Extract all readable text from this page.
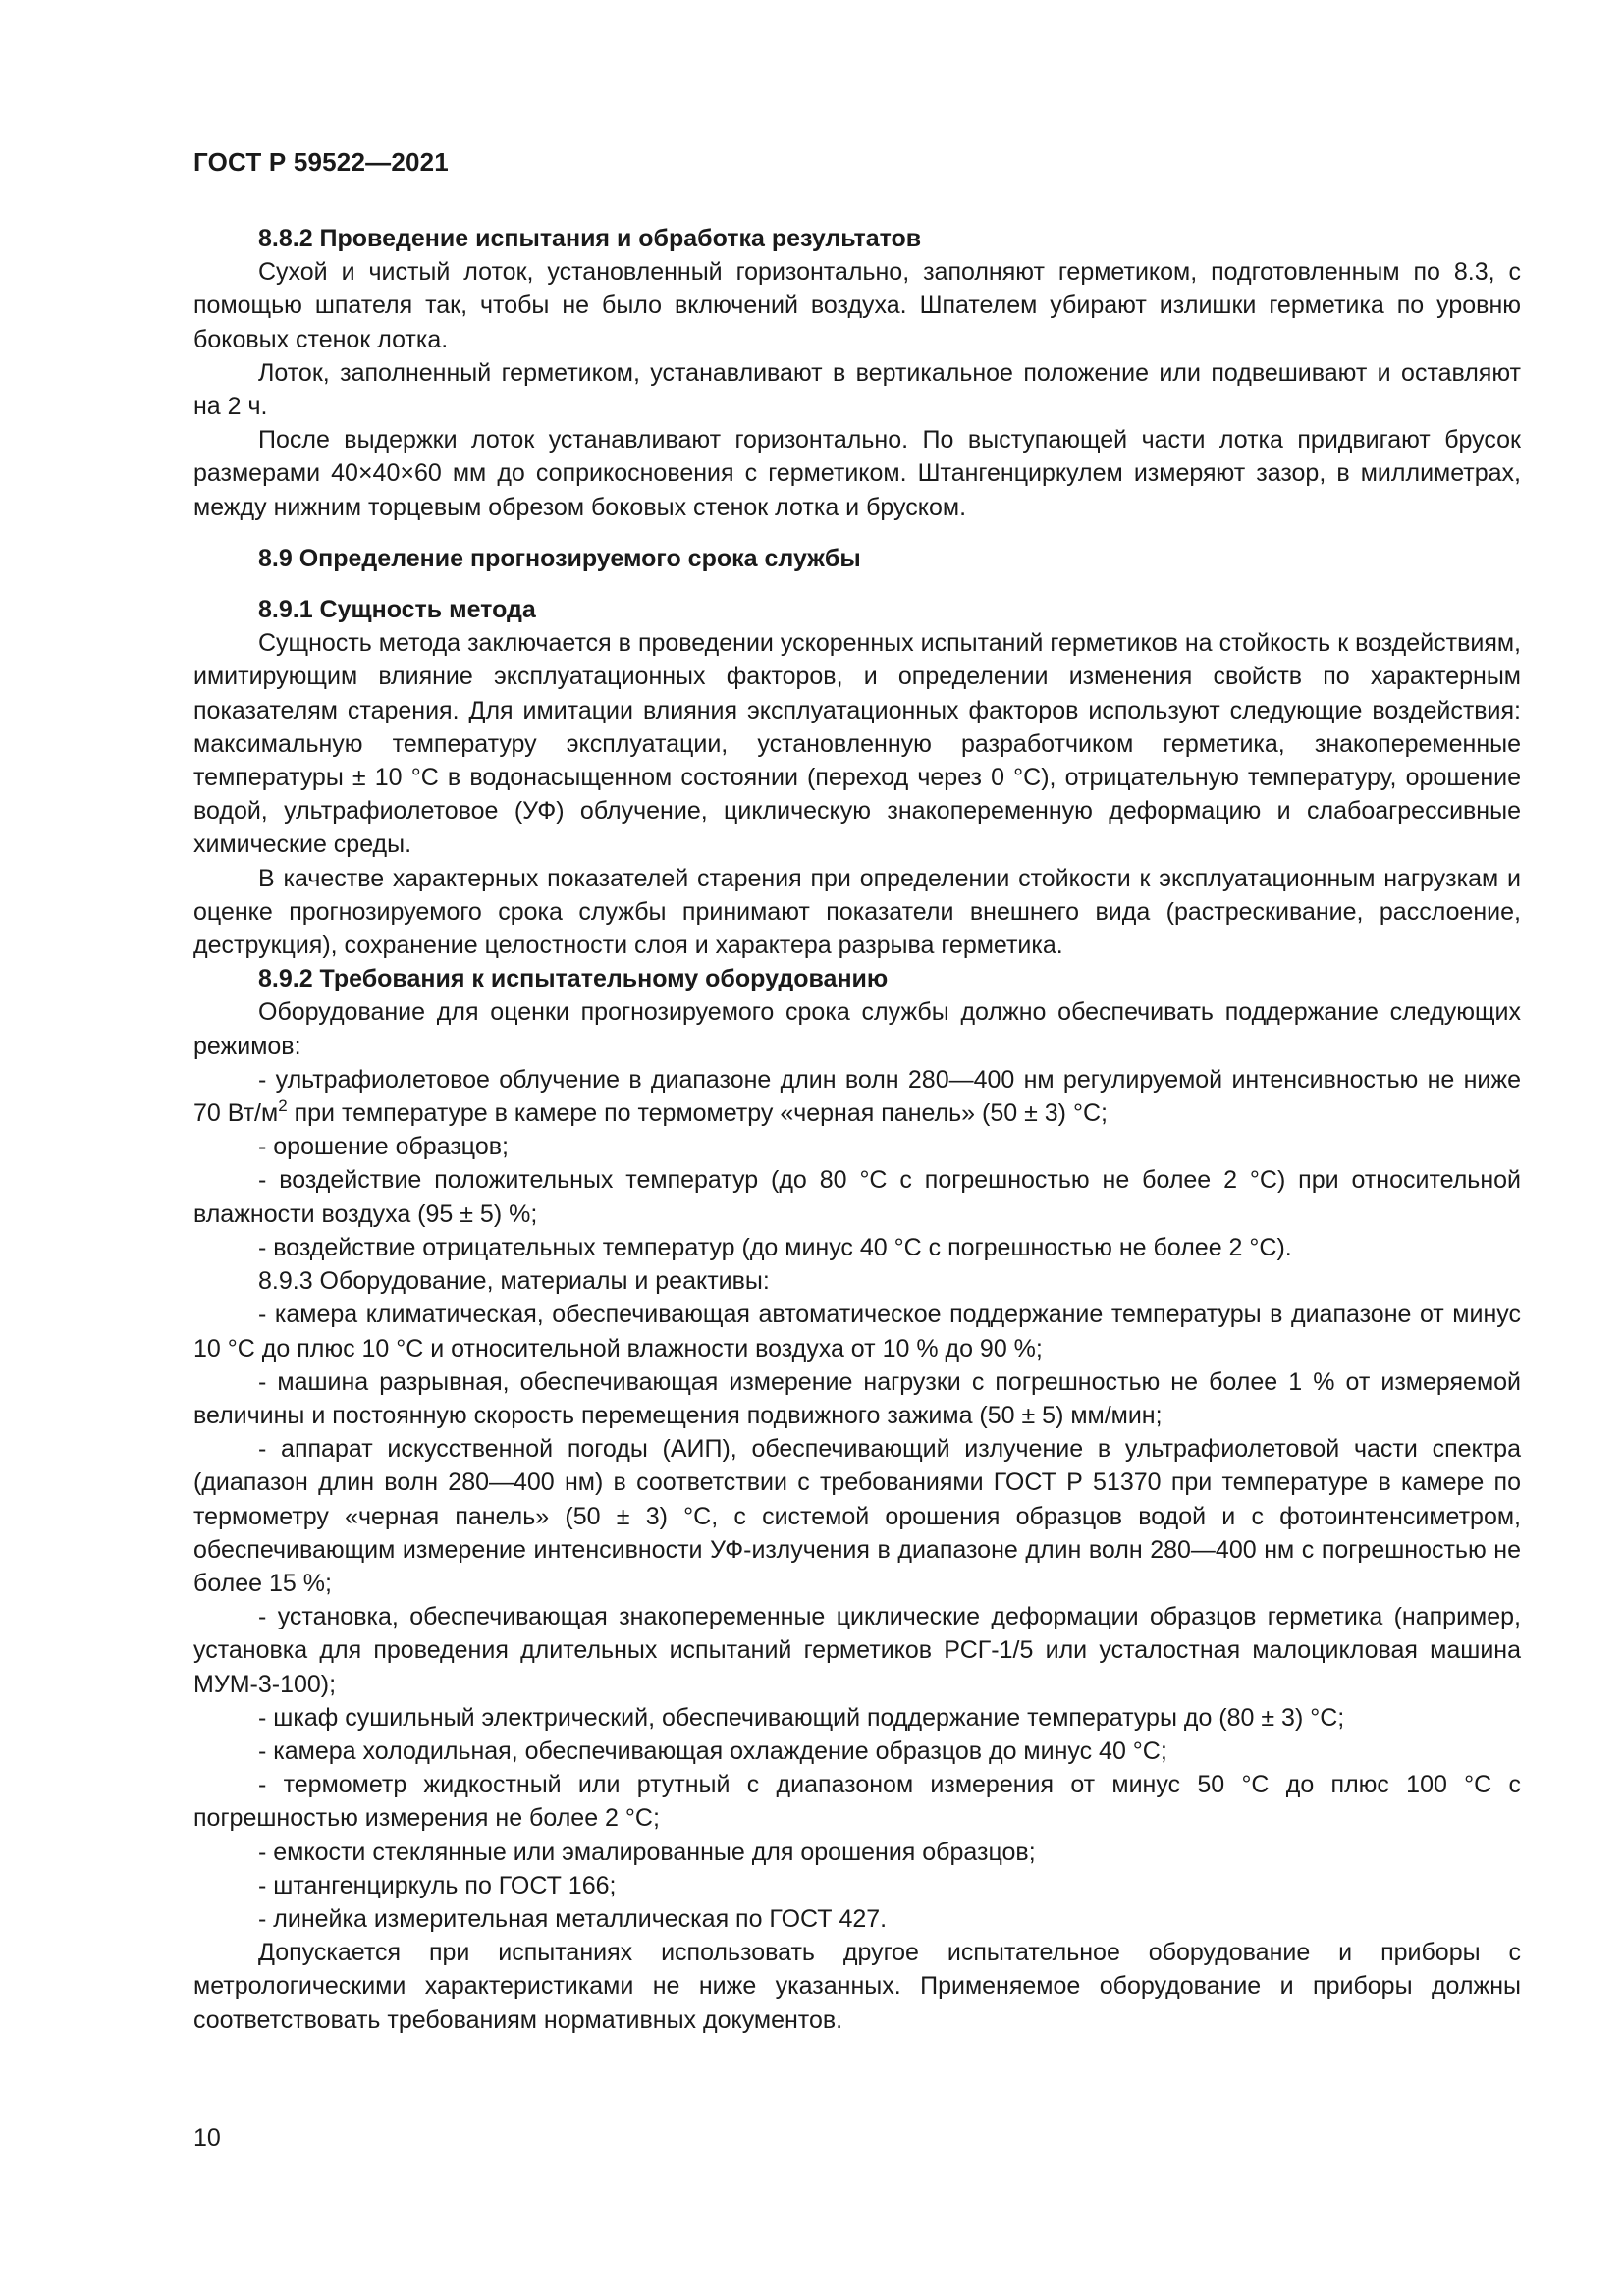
ГОСТ Р 59522—2021

8.8.2 Проведение испытания и обработка результатов

Сухой и чистый лоток, установленный горизонтально, заполняют герметиком, подготовленным по 8.3, с помощью шпателя так, чтобы не было включений воздуха. Шпателем убирают излишки герметика по уровню боковых стенок лотка.

Лоток, заполненный герметиком, устанавливают в вертикальное положение или подвешивают и оставляют на 2 ч.

После выдержки лоток устанавливают горизонтально. По выступающей части лотка придвигают брусок размерами 40×40×60 мм до соприкосновения с герметиком. Штангенциркулем измеряют зазор, в миллиметрах, между нижним торцевым обрезом боковых стенок лотка и бруском.

8.9 Определение прогнозируемого срока службы

8.9.1 Сущность метода

Сущность метода заключается в проведении ускоренных испытаний герметиков на стойкость к воздействиям, имитирующим влияние эксплуатационных факторов, и определении изменения свойств по характерным показателям старения. Для имитации влияния эксплуатационных факторов используют следующие воздействия: максимальную температуру эксплуатации, установленную разработчиком герметика, знакопеременные температуры ± 10 °С в водонасыщенном состоянии (переход через 0 °С), отрицательную температуру, орошение водой, ультрафиолетовое (УФ) облучение, циклическую знакопеременную деформацию и слабоагрессивные химические среды.

В качестве характерных показателей старения при определении стойкости к эксплуатационным нагрузкам и оценке прогнозируемого срока службы принимают показатели внешнего вида (растрескивание, расслоение, деструкция), сохранение целостности слоя и характера разрыва герметика.

8.9.2 Требования к испытательному оборудованию

Оборудование для оценки прогнозируемого срока службы должно обеспечивать поддержание следующих режимов:

- ультрафиолетовое облучение в диапазоне длин волн 280—400 нм регулируемой интенсивностью не ниже 70 $Вт/м^2$ при температуре в камере по термометру «черная панель» (50 ± 3) °С;

- орошение образцов;

- воздействие положительных температур (до 80 °С с погрешностью не более 2 °С) при относительной влажности воздуха (95 ± 5) %;

- воздействие отрицательных температур (до минус 40 °С с погрешностью не более 2 °С).

8.9.3 Оборудование, материалы и реактивы:

- камера климатическая, обеспечивающая автоматическое поддержание температуры в диапазоне от минус 10 °С до плюс 10 °С и относительной влажности воздуха от 10 % до 90 %;

- машина разрывная, обеспечивающая измерение нагрузки с погрешностью не более 1 % от измеряемой величины и постоянную скорость перемещения подвижного зажима (50 ± 5) мм/мин;

- аппарат искусственной погоды (АИП), обеспечивающий излучение в ультрафиолетовой части спектра (диапазон длин волн 280—400 нм) в соответствии с требованиями ГОСТ Р 51370 при температуре в камере по термометру «черная панель» (50 ± 3) °С, с системой орошения образцов водой и с фотоинтенсиметром, обеспечивающим измерение интенсивности УФ-излучения в диапазоне длин волн 280—400 нм с погрешностью не более 15 %;

- установка, обеспечивающая знакопеременные циклические деформации образцов герметика (например, установка для проведения длительных испытаний герметиков РСГ-1/5 или усталостная малоцикловая машина МУМ-3-100);

- шкаф сушильный электрический, обеспечивающий поддержание температуры до (80 ± 3) °С;

- камера холодильная, обеспечивающая охлаждение образцов до минус 40 °С;

- термометр жидкостный или ртутный с диапазоном измерения от минус 50 °С до плюс 100 °С с погрешностью измерения не более 2 °С;

- емкости стеклянные или эмалированные для орошения образцов;

- штангенциркуль по ГОСТ 166;

- линейка измерительная металлическая по ГОСТ 427.

Допускается при испытаниях использовать другое испытательное оборудование и приборы с метрологическими характеристиками не ниже указанных. Применяемое оборудование и приборы должны соответствовать требованиям нормативных документов.

10
